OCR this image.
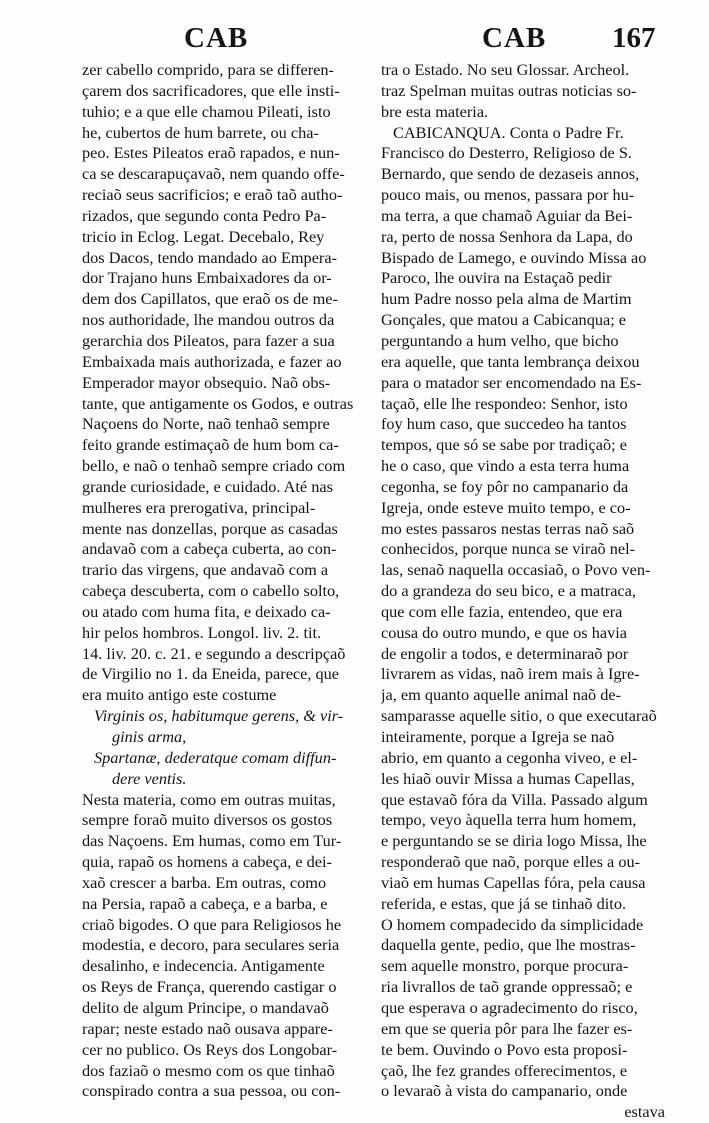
CAB	CAB 167
zer cabello comprido, para se differen-
çarem dos sacrificadores, que elle insti-
tuhio; e a que elle chamou Pileati, isto
he, cubertos de hum barrete, ou cha-
peo. Estes Pileatos eraõ rapados, e nun-
ca se descarapuçavaõ, nem quando offe-
reciaõ seus sacrificios; e eraõ taõ autho-
rizados, que segundo conta Pedro Pa-
tricio in Eclog. Legat. Decebalo, Rey
dos Dacos, tendo mandado ao Empera-
dor Trajano huns Embaixadores da or-
dem dos Capillatos, que eraõ os de me-
nos authoridade, lhe mandou outros da
gerarchia dos Pileatos, para fazer a sua
Embaixada mais authorizada, e fazer ao
Emperador mayor obsequio. Naõ obs-
tante, que antigamente os Godos, e outras
Naçoens do Norte, naõ tenhaõ sempre
feito grande estimaçaõ de hum bom ca-
bello, e naõ o tenhaõ sempre criado com
grande curiosidade, e cuidado. Até nas
mulheres era prerogativa, principal-
mente nas donzellas, porque as casadas
andavaõ com a cabeça cuberta, ao con-
trario das virgens, que andavaõ com a
cabeça descuberta, com o cabello solto,
ou atado com huma fita, e deixado ca-
hir pelos hombros. Longol. liv. 2. tit.
14. liv. 20. c. 21. e segundo a descripçaõ
de Virgilio no 1. da Eneida, parece, que
era muito antigo este costume
Virginis os, habitumque gerens, & vir-
ginis arma,
Spartanæ, dederatque comam diffun-
dere ventis.
Nesta materia, como em outras muitas,
sempre foraõ muito diversos os gostos
das Naçoens. Em humas, como em Tur-
quia, rapaõ os homens a cabeça, e dei-
xaõ crescer a barba. Em outras, como
na Persia, rapaõ a cabeça, e a barba, e
criaõ bigodes. O que para Religiosos he
modestia, e decoro, para seculares seria
desalinho, e indecencia. Antigamente
os Reys de França, querendo castigar o
delito de algum Principe, o mandavaõ
rapar; neste estado naõ ousava appare-
cer no publico. Os Reys dos Longobar-
dos faziaõ o mesmo com os que tinhaõ
conspirado contra a sua pessoa, ou con-
tra o Estado. No seu Glossar. Archeol.
traz Spelman muitas outras noticias so-
bre esta materia.
CABICANQUA. Conta o Padre Fr.
Francisco do Desterro, Religioso de S.
Bernardo, que sendo de dezaseis annos,
pouco mais, ou menos, passara por hu-
ma terra, a que chamaõ Aguiar da Bei-
ra, perto de nossa Senhora da Lapa, do
Bispado de Lamego, e ouvindo Missa ao
Paroco, lhe ouvira na Estaçaõ pedir
hum Padre nosso pela alma de Martim
Gonçales, que matou a Cabicanqua; e
perguntando a hum velho, que bicho
era aquelle, que tanta lembrança deixou
para o matador ser encomendado na Es-
taçaõ, elle lhe respondeo: Senhor, isto
foy hum caso, que succedeo ha tantos
tempos, que só se sabe por tradiçaõ; e
he o caso, que vindo a esta terra huma
cegonha, se foy pôr no campanario da
Igreja, onde esteve muito tempo, e co-
mo estes passaros nestas terras naõ saõ
conhecidos, porque nunca se viraõ nel-
las, senaõ naquella occasiaõ, o Povo ven-
do a grandeza do seu bico, e a matraca,
que com elle fazia, entendeo, que era
cousa do outro mundo, e que os havia
de engolir a todos, e determinaraõ por
livrarem as vidas, naõ irem mais à Igre-
ja, em quanto aquelle animal naõ de-
samparasse aquelle sitio, o que executaraõ
inteiramente, porque a Igreja se naõ
abrio, em quanto a cegonha viveo, e el-
les hiaõ ouvir Missa a humas Capellas,
que estavaõ fóra da Villa. Passado algum
tempo, veyo àquella terra hum homem,
e perguntando se se diria logo Missa, lhe
responderaõ que naõ, porque elles a ou-
viaõ em humas Capellas fóra, pela causa
referida, e estas, que já se tinhaõ dito.
O homem compadecido da simplicidade
daquella gente, pedio, que lhe mostras-
sem aquelle monstro, porque procura-
ria livrallos de taõ grande oppressaõ; e
que esperava o agradecimento do risco,
em que se queria pôr para lhe fazer es-
te bem. Ouvindo o Povo esta proposi-
çaõ, lhe fez grandes offerecimentos, e
o levaraõ à vista do campanario, onde
estava
